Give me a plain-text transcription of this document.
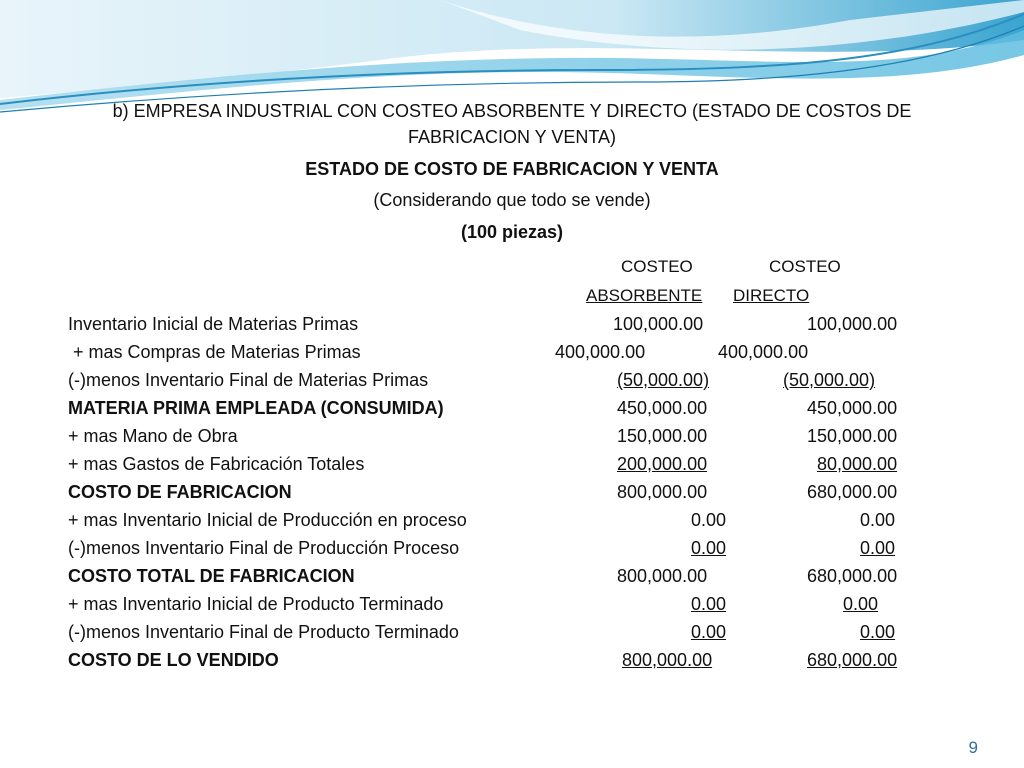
b) EMPRESA INDUSTRIAL CON COSTEO ABSORBENTE Y DIRECTO (ESTADO DE COSTOS DE
FABRICACION Y VENTA)
ESTADO DE COSTO DE FABRICACION Y VENTA
(Considerando que todo se vende)
(100 piezas)
COSTEO	COSTEO
ABSORBENTE DIRECTO
Inventario Inicial de Materias Primas	100,000.00	100,000.00
+ mas Compras de Materias Primas	400,000.00	400,000.00
(-)menos Inventario Final de Materias Primas	(50,000.00)	(50,000.00)
MATERIA PRIMA EMPLEADA (CONSUMIDA)	450,000.00	450,000.00
+ mas Mano de Obra	150,000.00	150,000.00
+ mas Gastos de Fabricación Totales	200,000.00	80,000.00
COSTO DE FABRICACION	800,000.00	680,000.00
+ mas Inventario Inicial de Producción en proceso	0.00	0.00
(-)menos Inventario Final de Producción Proceso	0.00	0.00
COSTO TOTAL DE FABRICACION	800,000.00	680,000.00
+ mas Inventario Inicial de Producto Terminado	0.00	0.00
(-)menos Inventario Final de Producto Terminado	0.00	0.00
COSTO DE LO VENDIDO	800,000.00	680,000.00
9
